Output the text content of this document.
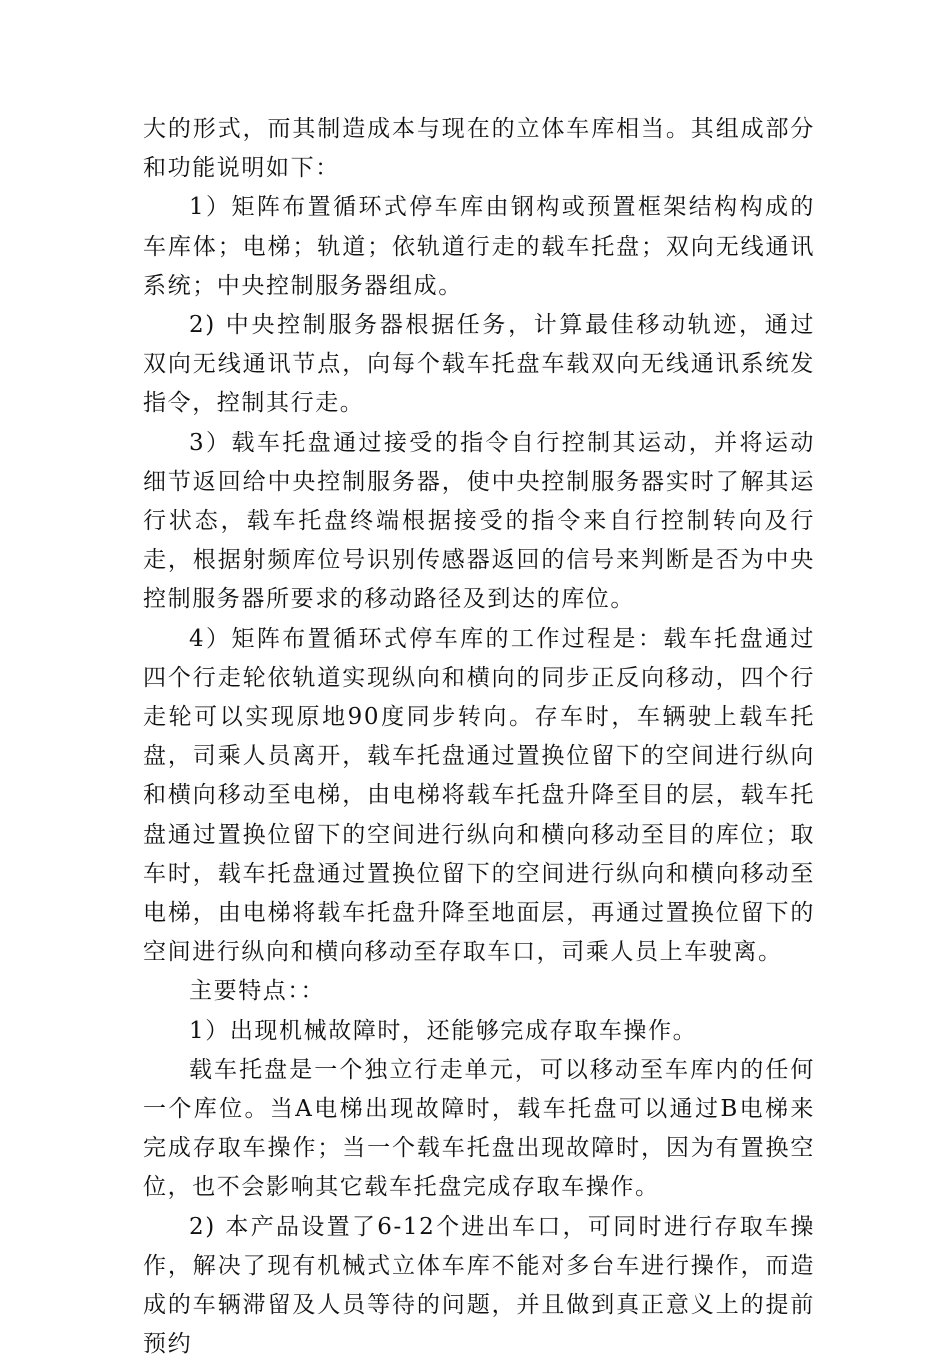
大的形式，而其制造成本与现在的立体车库相当。其组成部分和功能说明如下：

1）矩阵布置循环式停车库由钢构或预置框架结构构成的车库体；电梯；轨道；依轨道行走的载车托盘；双向无线通讯系统；中央控制服务器组成。

2) 中央控制服务器根据任务，计算最佳移动轨迹，通过双向无线通讯节点，向每个载车托盘车载双向无线通讯系统发指令，控制其行走。

3）载车托盘通过接受的指令自行控制其运动，并将运动细节返回给中央控制服务器，使中央控制服务器实时了解其运行状态，载车托盘终端根据接受的指令来自行控制转向及行走，根据射频库位号识别传感器返回的信号来判断是否为中央控制服务器所要求的移动路径及到达的库位。

4）矩阵布置循环式停车库的工作过程是：载车托盘通过四个行走轮依轨道实现纵向和横向的同步正反向移动，四个行走轮可以实现原地90度同步转向。存车时，车辆驶上载车托盘，司乘人员离开，载车托盘通过置换位留下的空间进行纵向和横向移动至电梯，由电梯将载车托盘升降至目的层，载车托盘通过置换位留下的空间进行纵向和横向移动至目的库位；取车时，载车托盘通过置换位留下的空间进行纵向和横向移动至电梯，由电梯将载车托盘升降至地面层，再通过置换位留下的空间进行纵向和横向移动至存取车口，司乘人员上车驶离。

主要特点：：

1）出现机械故障时，还能够完成存取车操作。

载车托盘是一个独立行走单元，可以移动至车库内的任何一个库位。当A电梯出现故障时，载车托盘可以通过B电梯来完成存取车操作；当一个载车托盘出现故障时，因为有置换空位，也不会影响其它载车托盘完成存取车操作。

2) 本产品设置了6-12个进出车口，可同时进行存取车操作，解决了现有机械式立体车库不能对多台车进行操作，而造成的车辆滞留及人员等待的问题，并且做到真正意义上的提前预约
